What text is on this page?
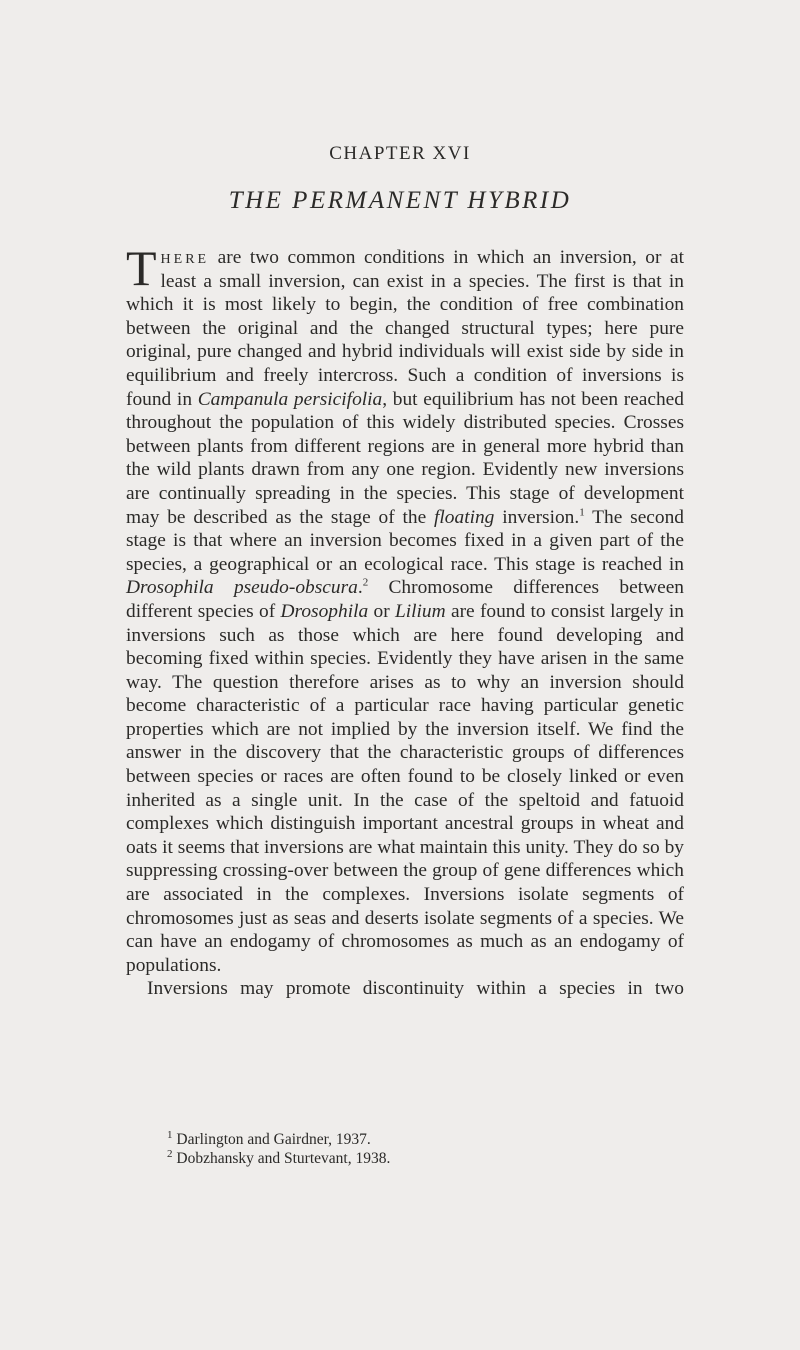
CHAPTER XVI
THE PERMANENT HYBRID

There are two common conditions in which an inversion, or at least a small inversion, can exist in a species. The first is that in which it is most likely to begin, the condition of free combination between the original and the changed structural types; here pure original, pure changed and hybrid individuals will exist side by side in equilibrium and freely intercross. Such a condition of inversions is found in Campanula persicifolia, but equilibrium has not been reached throughout the population of this widely distributed species. Crosses between plants from different regions are in general more hybrid than the wild plants drawn from any one region. Evidently new inversions are continually spreading in the species. This stage of development may be described as the stage of the floating inversion.$^1$ The second stage is that where an inversion becomes fixed in a given part of the species, a geographical or an ecological race. This stage is reached in Drosophila pseudo-obscura.$^2$ Chromosome differences between different species of Drosophila or Lilium are found to consist largely in inversions such as those which are here found developing and becoming fixed within species. Evidently they have arisen in the same way. The question therefore arises as to why an inversion should become characteristic of a particular race having particular genetic properties which are not implied by the inversion itself. We find the answer in the discovery that the characteristic groups of differences between species or races are often found to be closely linked or even inherited as a single unit. In the case of the speltoid and fatuoid complexes which distinguish important ancestral groups in wheat and oats it seems that inversions are what maintain this unity. They do so by suppressing crossing-over between the group of gene differences which are associated in the complexes. Inversions isolate segments of chromosomes just as seas and deserts isolate segments of a species. We can have an endogamy of chromosomes as much as an endogamy of populations.

Inversions may promote discontinuity within a species in two

$^1$ Darlington and Gairdner, 1937.
$^2$ Dobzhansky and Sturtevant, 1938.
